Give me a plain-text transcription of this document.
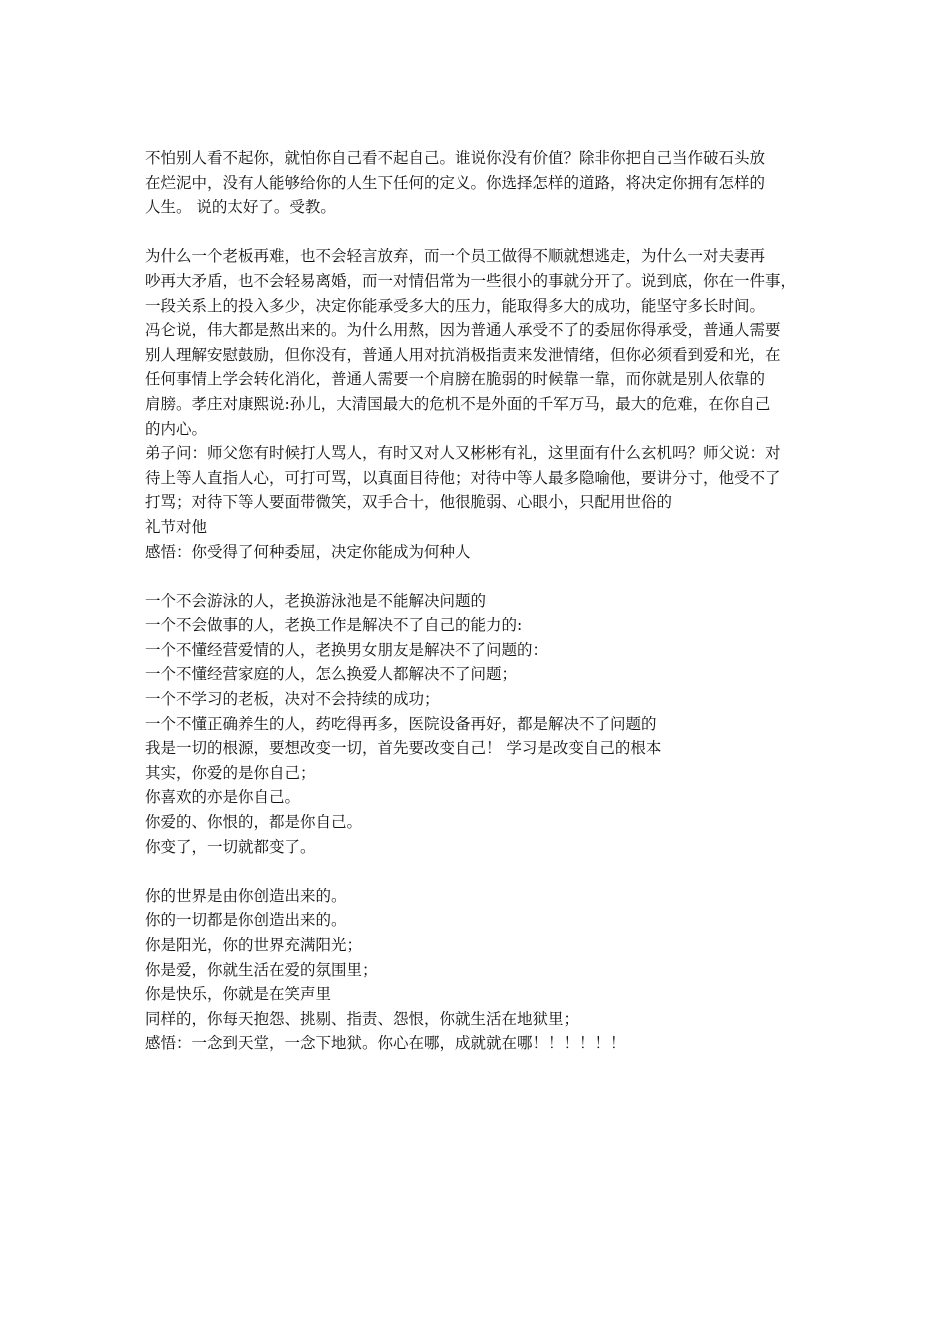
不怕别人看不起你，就怕你自己看不起自己。谁说你没有价值？除非你把自己当作破石头放
在烂泥中，没有人能够给你的人生下任何的定义。你选择怎样的道路，将决定你拥有怎样的
人生。 说的太好了。受教。
为什么一个老板再难，也不会轻言放弃，而一个员工做得不顺就想逃走，为什么一对夫妻再
吵再大矛盾，也不会轻易离婚，而一对情侣常为一些很小的事就分开了。说到底，你在一件事，
一段关系上的投入多少，决定你能承受多大的压力，能取得多大的成功，能坚守多长时间。
冯仑说，伟大都是熬出来的。为什么用熬，因为普通人承受不了的委屈你得承受，普通人需要
别人理解安慰鼓励，但你没有，普通人用对抗消极指责来发泄情绪，但你必须看到爱和光，在
任何事情上学会转化消化，普通人需要一个肩膀在脆弱的时候靠一靠，而你就是别人依靠的
肩膀。孝庄对康熙说:孙儿，大清国最大的危机不是外面的千军万马，最大的危难，在你自己
的内心。
弟子问：师父您有时候打人骂人，有时又对人又彬彬有礼，这里面有什么玄机吗？师父说：对
待上等人直指人心，可打可骂，以真面目待他；对待中等人最多隐喻他，要讲分寸，他受不了
打骂；对待下等人要面带微笑，双手合十，他很脆弱、心眼小，只配用世俗的
礼节对他
感悟：你受得了何种委屈，决定你能成为何种人
一个不会游泳的人，老换游泳池是不能解决问题的
一个不会做事的人，老换工作是解决不了自己的能力的:
一个不懂经营爱情的人，老换男女朋友是解决不了问题的：
一个不懂经营家庭的人，怎么换爱人都解决不了问题；
一个不学习的老板，决对不会持续的成功；
一个不懂正确养生的人，药吃得再多，医院设备再好，都是解决不了问题的
我是一切的根源，要想改变一切，首先要改变自己！ 学习是改变自己的根本
其实，你爱的是你自己；
你喜欢的亦是你自己。
你爱的、你恨的，都是你自己。
你变了，一切就都变了。
你的世界是由你创造出来的。
你的一切都是你创造出来的。
你是阳光，你的世界充满阳光；
你是爱，你就生活在爱的氛围里；
你是快乐，你就是在笑声里
同样的，你每天抱怨、挑剔、指责、怨恨，你就生活在地狱里；
感悟：一念到天堂，一念下地狱。你心在哪，成就就在哪！！！！！！
